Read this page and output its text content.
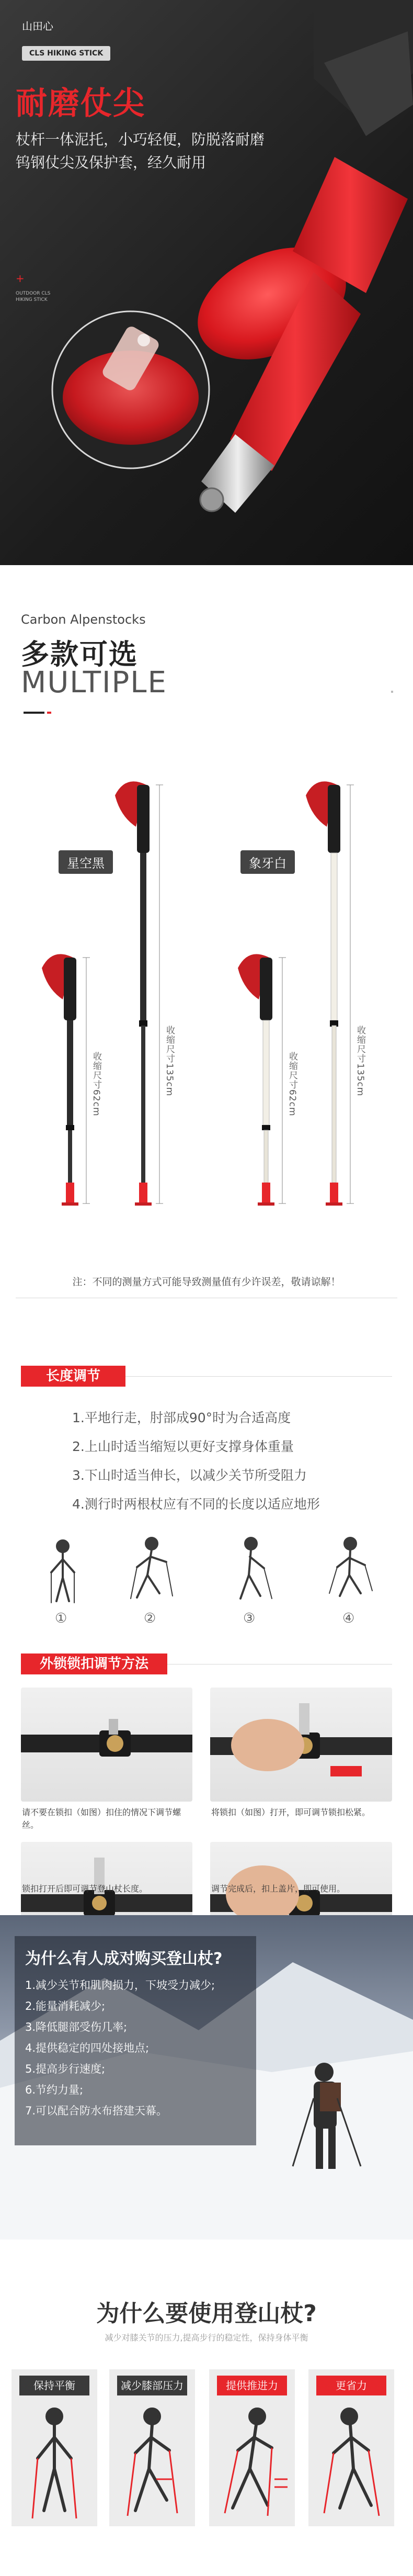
山田心
CLS HIKING STICK
耐磨仗尖
杖杆一体泥托，小巧轻便，防脱落耐磨钨钢仗尖及保护套，经久耐用
+
OUTDOOR CLS HIKING STICK
Carbon Alpenstocks
多款可选
MULTIPLE
星空黑	象牙白
收缩尺寸62cm	收缩尺寸135cm	收缩尺寸62cm	收缩尺寸135cm
注：不同的测量方式可能导致测量值有少许误差，敬请谅解！
长度调节
1.平地行走，肘部成90°时为合适高度
2.上山时适当缩短以更好支撑身体重量
3.下山时适当伸长，以减少关节所受阻力
4.测行时两根杖应有不同的长度以适应地形
①	②	③	④
外锁锁扣调节方法
请不要在锁扣（如图）扣住的情况下调节螺丝。
将锁扣（如图）打开，即可调节锁扣松紧。
锁扣打开后即可调节登山杖长度。	调节完成后，扣上盖片，即可使用。
为什么有人成对购买登山杖?
1.减少关节和肌肉损力，下坡受力减少;
2.能量消耗减少;
3.降低腿部受伤几率;
4.提供稳定的四处接地点;
5.提高步行速度;
6.节约力量;
7.可以配合防水布搭建天幕。
为什么要使用登山杖?
减少对膝关节的压力,提高步行的稳定性，保持身体平衡
保持平衡	减少膝部压力	提供推进力	更省力
